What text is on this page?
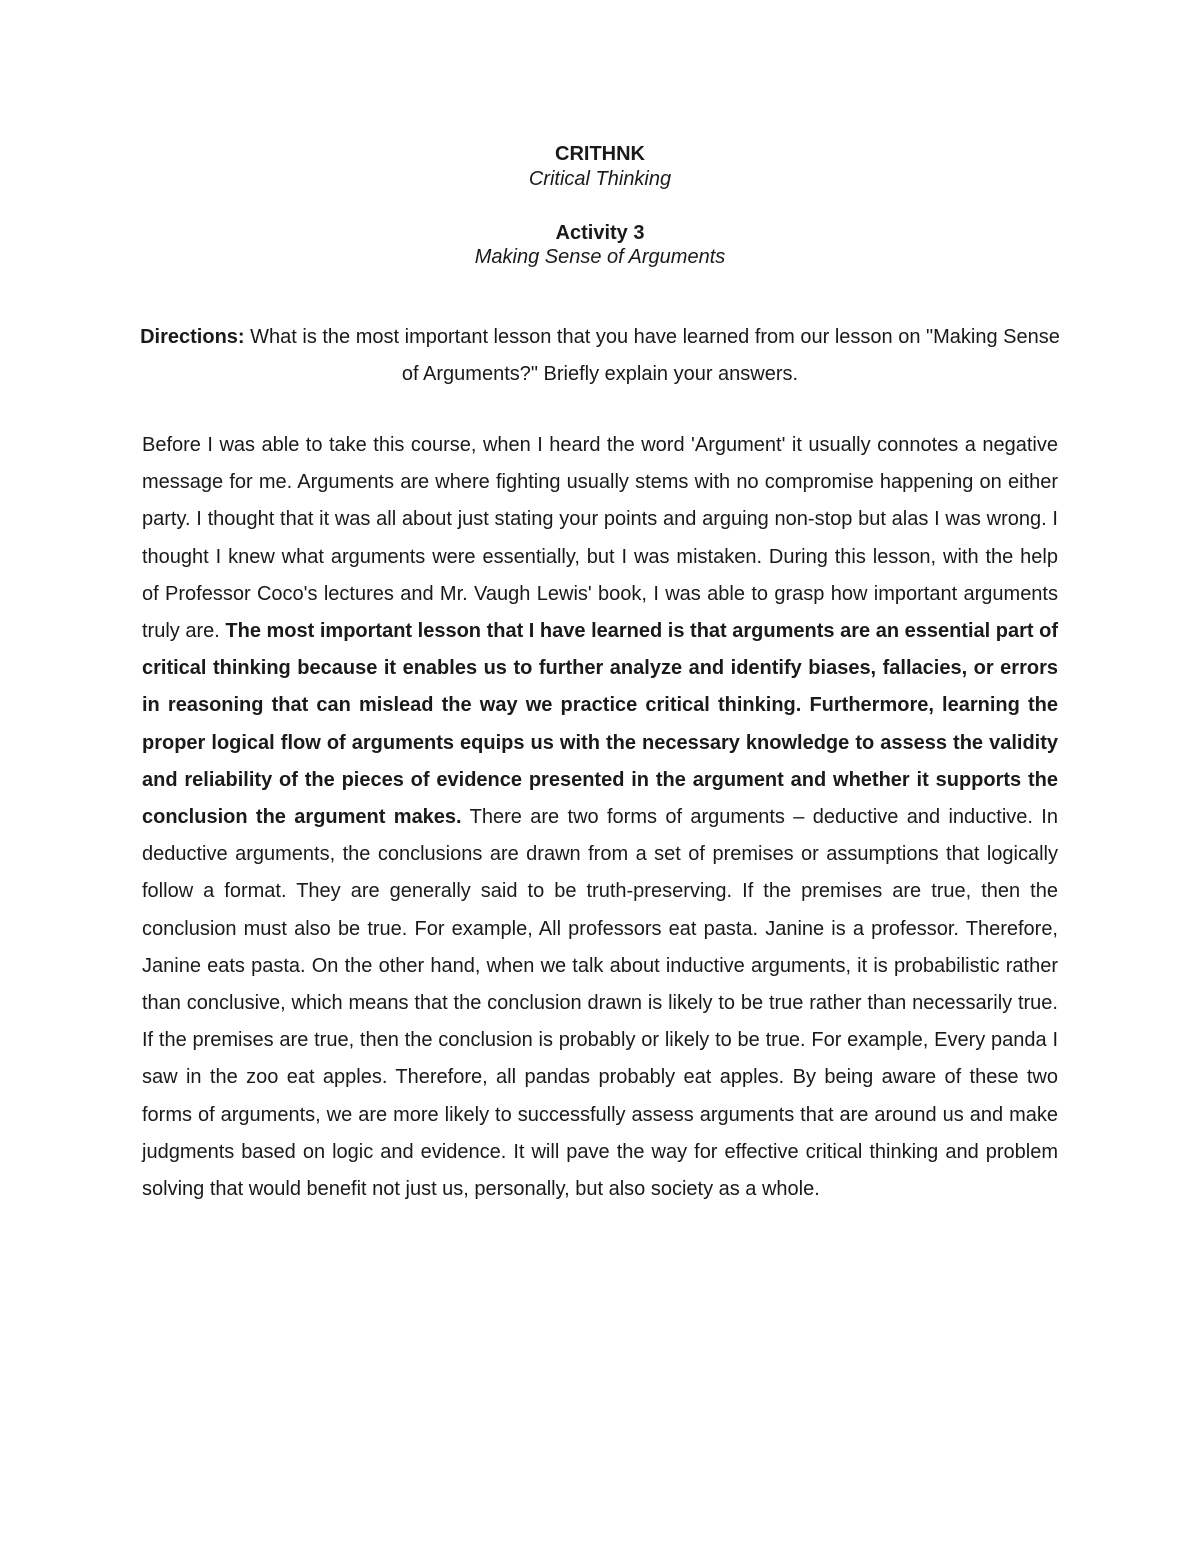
CRITHNK
Critical Thinking
Activity 3
Making Sense of Arguments
Directions: What is the most important lesson that you have learned from our lesson on "Making Sense of Arguments?" Briefly explain your answers.
Before I was able to take this course, when I heard the word 'Argument' it usually connotes a negative message for me. Arguments are where fighting usually stems with no compromise happening on either party. I thought that it was all about just stating your points and arguing non-stop but alas I was wrong. I thought I knew what arguments were essentially, but I was mistaken. During this lesson, with the help of Professor Coco's lectures and Mr. Vaugh Lewis' book, I was able to grasp how important arguments truly are. The most important lesson that I have learned is that arguments are an essential part of critical thinking because it enables us to further analyze and identify biases, fallacies, or errors in reasoning that can mislead the way we practice critical thinking. Furthermore, learning the proper logical flow of arguments equips us with the necessary knowledge to assess the validity and reliability of the pieces of evidence presented in the argument and whether it supports the conclusion the argument makes. There are two forms of arguments – deductive and inductive. In deductive arguments, the conclusions are drawn from a set of premises or assumptions that logically follow a format. They are generally said to be truth-preserving. If the premises are true, then the conclusion must also be true. For example, All professors eat pasta. Janine is a professor. Therefore, Janine eats pasta. On the other hand, when we talk about inductive arguments, it is probabilistic rather than conclusive, which means that the conclusion drawn is likely to be true rather than necessarily true. If the premises are true, then the conclusion is probably or likely to be true. For example, Every panda I saw in the zoo eat apples. Therefore, all pandas probably eat apples. By being aware of these two forms of arguments, we are more likely to successfully assess arguments that are around us and make judgments based on logic and evidence. It will pave the way for effective critical thinking and problem solving that would benefit not just us, personally, but also society as a whole.
